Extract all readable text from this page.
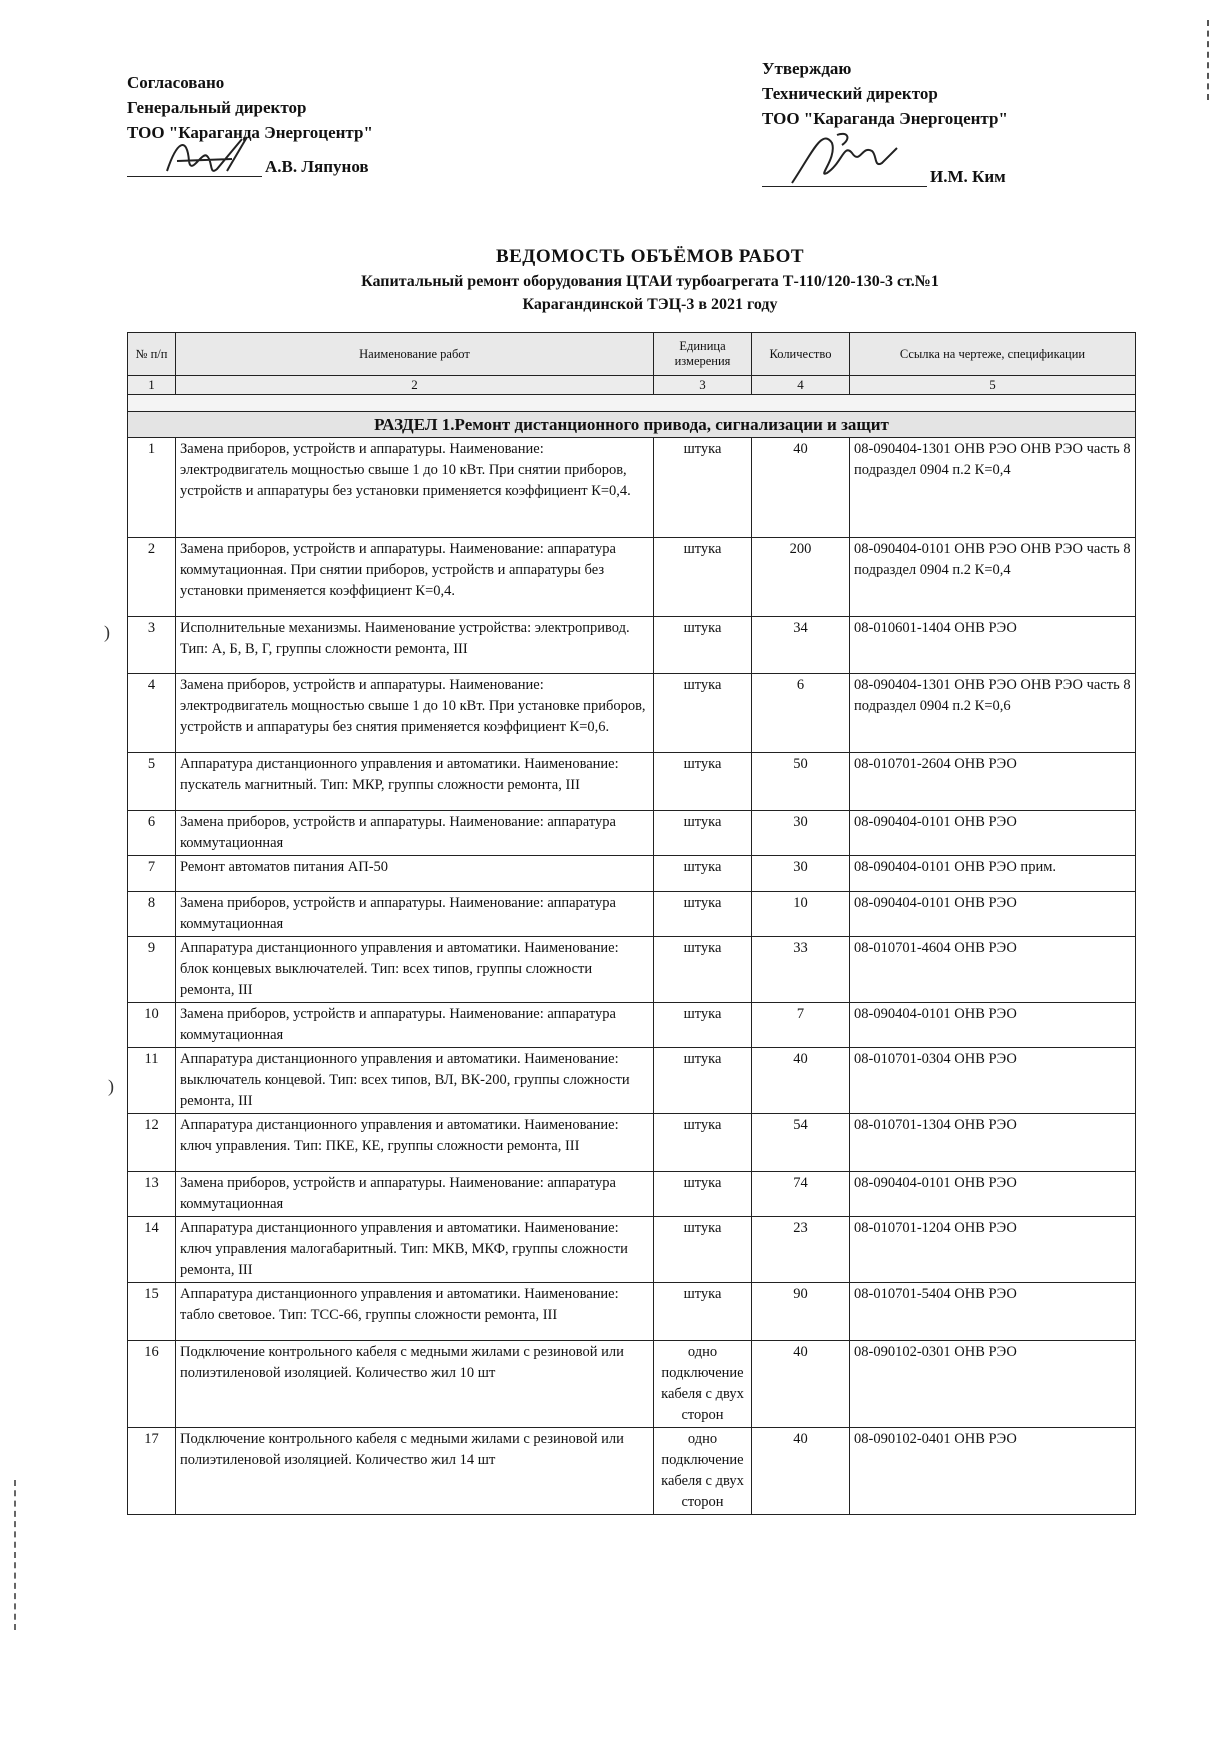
)
)
Согласовано
Генеральный директор
ТОО "Караганда Энергоцентр"
А.В. Ляпунов
Утверждаю
Технический директор
ТОО "Караганда Энергоцентр"
И.М. Ким
ВЕДОМОСТЬ ОБЪЁМОВ РАБОТ
Капитальный ремонт оборудования ЦТАИ турбоагрегата Т-110/120-130-3 ст.№1
Карагандинской ТЭЦ-3 в 2021 году
№ п/п	Наименование работ	Единица измерения	Количество	Ссылка на чертеже, спецификации
1	2	3	4	5

РАЗДЕЛ 1.Ремонт дистанционного привода, сигнализации и защит				
1	Замена приборов, устройств и аппаратуры. Наименование: электродвигатель мощностью свыше 1 до 10 кВт. При снятии приборов, устройств и аппаратуры без установки применяется коэффициент К=0,4.	штука	40	08-090404-1301 ОНВ РЭО ОНВ РЭО часть 8 подраздел 0904 п.2 К=0,4
2	Замена приборов, устройств и аппаратуры. Наименование: аппаратура коммутационная. При снятии приборов, устройств и аппаратуры без установки применяется коэффициент К=0,4.	штука	200	08-090404-0101 ОНВ РЭО ОНВ РЭО часть 8 подраздел 0904 п.2 К=0,4
3	Исполнительные механизмы. Наименование устройства: электропривод. Тип: А, Б, В, Г, группы сложности ремонта, III	штука	34	08-010601-1404 ОНВ РЭО
4	Замена приборов, устройств и аппаратуры. Наименование: электродвигатель мощностью свыше 1 до 10 кВт. При установке приборов, устройств и аппаратуры без снятия применяется коэффициент К=0,6.	штука	6	08-090404-1301 ОНВ РЭО ОНВ РЭО часть 8 подраздел 0904 п.2 К=0,6
5	Аппаратура дистанционного управления и автоматики. Наименование: пускатель магнитный. Тип: МКР, группы сложности ремонта, III	штука	50	08-010701-2604 ОНВ РЭО
6	Замена приборов, устройств и аппаратуры. Наименование: аппаратура коммутационная	штука	30	08-090404-0101 ОНВ РЭО
7	Ремонт автоматов питания АП-50	штука	30	08-090404-0101 ОНВ РЭО прим.
8	Замена приборов, устройств и аппаратуры. Наименование: аппаратура коммутационная	штука	10	08-090404-0101 ОНВ РЭО
9	Аппаратура дистанционного управления и автоматики. Наименование: блок концевых выключателей. Тип: всех типов, группы сложности ремонта, III	штука	33	08-010701-4604 ОНВ РЭО
10	Замена приборов, устройств и аппаратуры. Наименование: аппаратура коммутационная	штука	7	08-090404-0101 ОНВ РЭО
11	Аппаратура дистанционного управления и автоматики. Наименование: выключатель концевой. Тип: всех типов, ВЛ, ВК-200, группы сложности ремонта, III	штука	40	08-010701-0304 ОНВ РЭО
12	Аппаратура дистанционного управления и автоматики. Наименование: ключ управления. Тип: ПКЕ, КЕ, группы сложности ремонта, III	штука	54	08-010701-1304 ОНВ РЭО
13	Замена приборов, устройств и аппаратуры. Наименование: аппаратура коммутационная	штука	74	08-090404-0101 ОНВ РЭО
14	Аппаратура дистанционного управления и автоматики. Наименование: ключ управления малогабаритный. Тип: МКВ, МКФ, группы сложности ремонта, III	штука	23	08-010701-1204 ОНВ РЭО
15	Аппаратура дистанционного управления и автоматики. Наименование: табло световое. Тип: ТСС-66, группы сложности ремонта, III	штука	90	08-010701-5404 ОНВ РЭО
16	Подключение контрольного кабеля с медными жилами с резиновой или полиэтиленовой изоляцией. Количество жил 10 шт	одно подключение кабеля с двух сторон	40	08-090102-0301 ОНВ РЭО
17	Подключение контрольного кабеля с медными жилами с резиновой или полиэтиленовой изоляцией. Количество жил 14 шт	одно подключение кабеля с двух сторон	40	08-090102-0401 ОНВ РЭО
